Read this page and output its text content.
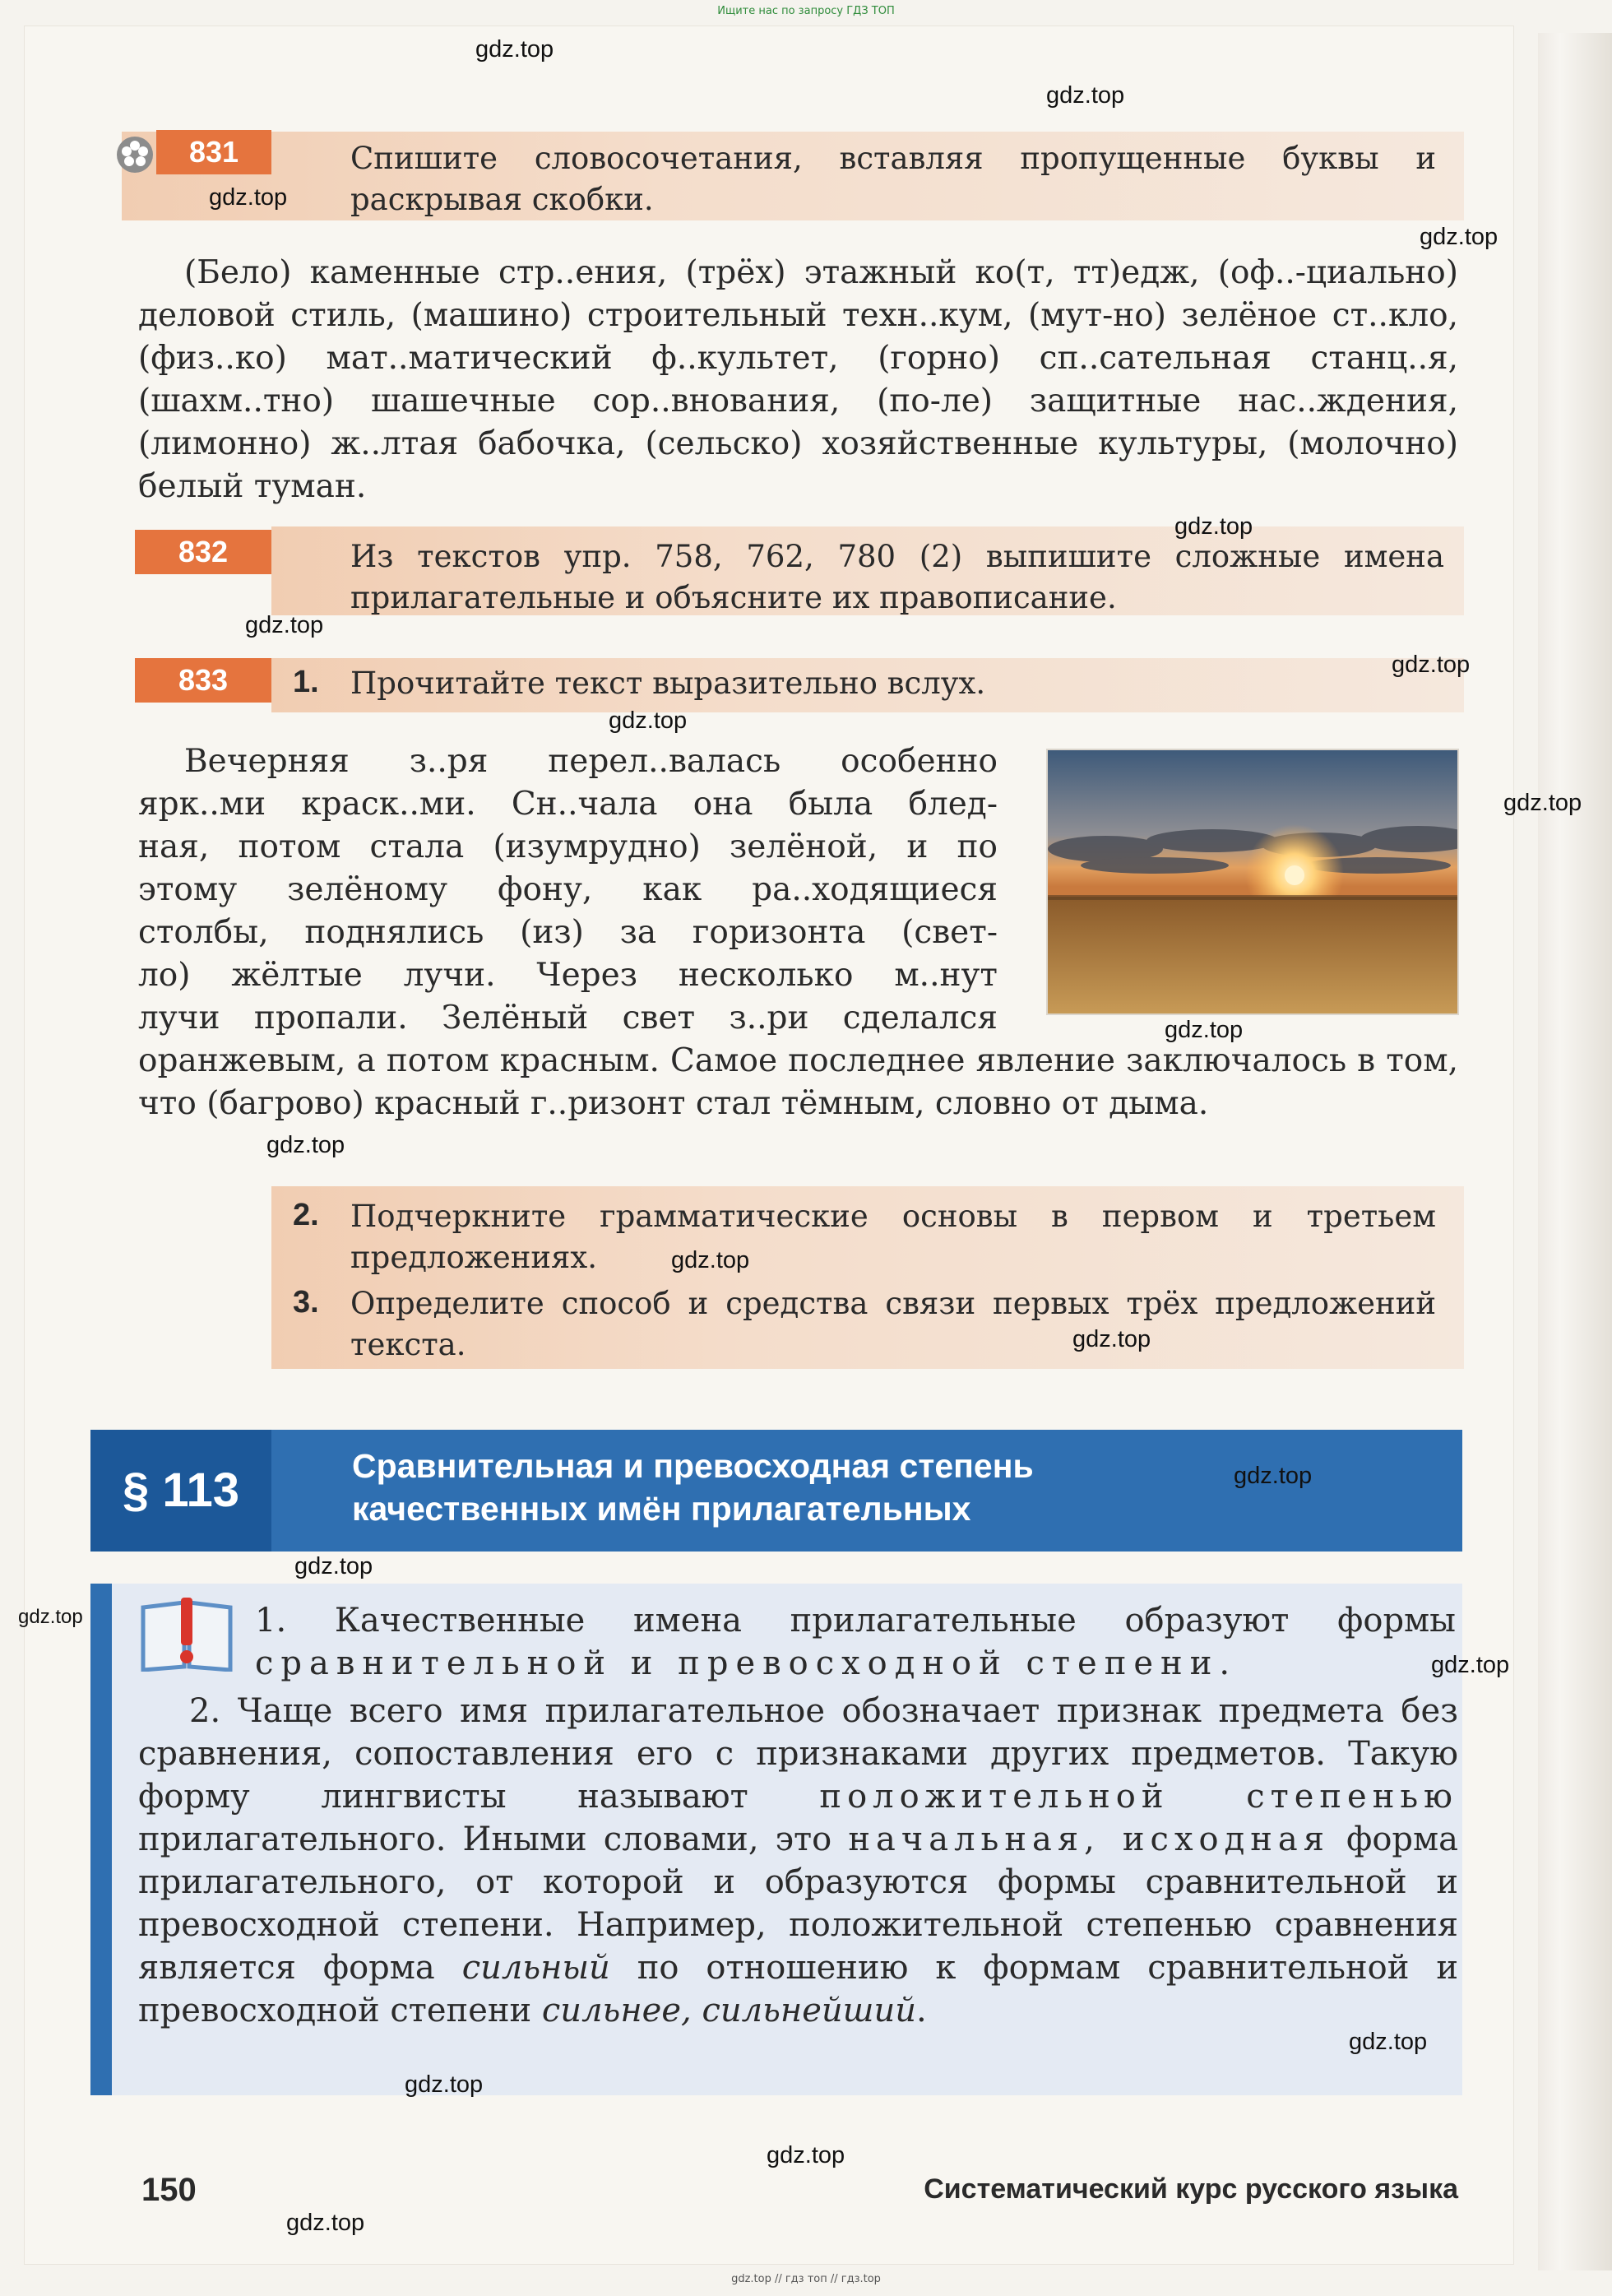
Ищите нас по запросу ГДЗ ТОП
831	Спишите словосочетания, вставляя пропущенные буквы и раскрывая скобки.
(Бело) каменные стр..ения, (трёх) этажный ко(т, тт)едж, (оф..-циально) деловой стиль, (машино) строительный техн..кум, (мут-но) зелёное ст..кло, (физ..ко) мат..матический ф..культет, (горно) сп..сательная станц..я, (шахм..тно) шашечные сор..внования, (по-ле) защитные нас..ждения, (лимонно) ж..лтая бабочка, (сельско) хозяйственные культуры, (молочно) белый туман.
832	Из текстов упр. 758, 762, 780 (2) выпишите сложные имена прилагательные и объясните их правописание.
833	1. Прочитайте текст выразительно вслух.
Вечерняя з..ря перел..валась особенно
ярк..ми краск..ми. Сн..чала она была блед-
ная, потом стала (изумрудно) зелёной, и по
этому зелёному фону, как ра..ходящиеся
столбы, поднялись (из) за горизонта (свет-
ло) жёлтые лучи. Через несколько м..нут
лучи пропали. Зелёный свет з..ри сделался
оранжевым, а потом красным. Самое последнее явление заключалось в том, что (багрово) красный г..ризонт стал тёмным, словно от дыма.
2. Подчеркните грамматические основы в первом и третьем предложениях.
3. Определите способ и средства связи первых трёх предложений текста.
§ 113	Сравнительная и превосходная степень
качественных имён прилагательных
1. Качественные имена прилагательные образуют формы
сравнительной и превосходной степени.
2. Чаще всего имя прилагательное обозначает признак предмета без сравнения, сопоставления его с признаками других предметов. Такую форму лингвисты называют положительной степенью прилагательного. Иными словами, это начальная, исходная форма прилагательного, от которой и образуются формы сравнительной и превосходной степени. Например, положительной степенью сравнения является форма сильный по отношению к формам сравнительной и превосходной степени сильнее, сильнейший.
150	Систематический курс русского языка
gdz.top
gdz.top
gdz.top
gdz.top
gdz.top
gdz.top
gdz.top
gdz.top
gdz.top
gdz.top
gdz.top
gdz.top
gdz.top
gdz.top
gdz.top
gdz.top
gdz.top
gdz.top
gdz.top
gdz.top
gdz.top
gdz.top // гдз топ // гдз.top
